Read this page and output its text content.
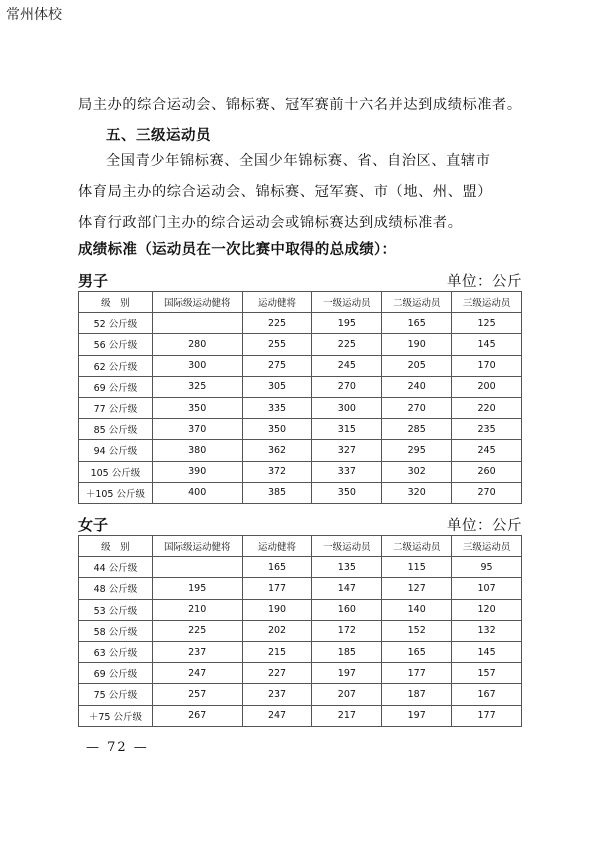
常州体校
局主办的综合运动会、锦标赛、冠军赛前十六名并达到成绩标准者。
五、三级运动员
全国青少年锦标赛、全国少年锦标赛、省、自治区、直辖市
体育局主办的综合运动会、锦标赛、冠军赛、市（地、州、盟）
体育行政部门主办的综合运动会或锦标赛达到成绩标准者。
成绩标准（运动员在一次比赛中取得的总成绩）：
男子	单位：公斤
级　别	国际级运动健将	运动健将	一级运动员	二级运动员	三级运动员
52 公斤级		225	195	165	125
56 公斤级	280	255	225	190	145
62 公斤级	300	275	245	205	170
69 公斤级	325	305	270	240	200
77 公斤级	350	335	300	270	220
85 公斤级	370	350	315	285	235
94 公斤级	380	362	327	295	245
105 公斤级	390	372	337	302	260
＋105 公斤级	400	385	350	320	270
女子	单位：公斤
级　别	国际级运动健将	运动健将	一级运动员	二级运动员	三级运动员
44 公斤级		165	135	115	95
48 公斤级	195	177	147	127	107
53 公斤级	210	190	160	140	120
58 公斤级	225	202	172	152	132
63 公斤级	237	215	185	165	145
69 公斤级	247	227	197	177	157
75 公斤级	257	237	207	187	167
＋75 公斤级	267	247	217	197	177
— 72 —
